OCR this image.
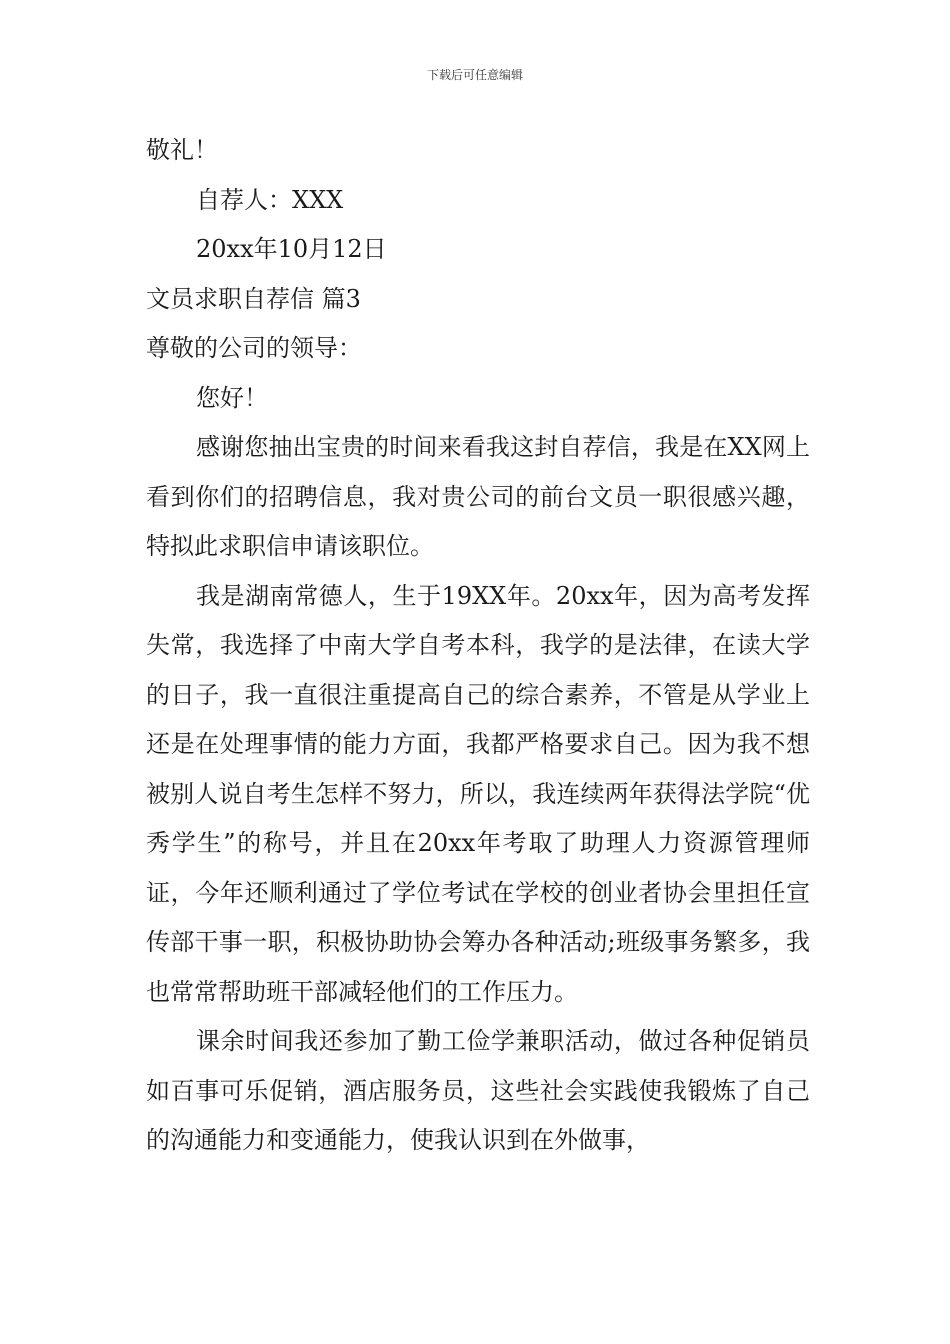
下载后可任意编辑
敬礼！
自荐人：XXX
20xx年10月12日
文员求职自荐信 篇3
尊敬的公司的领导：
您好！

感谢您抽出宝贵的时间来看我这封自荐信，我是在XX网上看到你们的招聘信息，我对贵公司的前台文员一职很感兴趣，特拟此求职信申请该职位。

我是湖南常德人，生于19XX年。20xx年，因为高考发挥失常，我选择了中南大学自考本科，我学的是法律，在读大学的日子，我一直很注重提高自己的综合素养，不管是从学业上还是在处理事情的能力方面，我都严格要求自己。因为我不想被别人说自考生怎样不努力，所以，我连续两年获得法学院“优秀学生”的称号，并且在20xx年考取了助理人力资源管理师证，今年还顺利通过了学位考试在学校的创业者协会里担任宣传部干事一职，积极协助协会筹办各种活动;班级事务繁多，我也常常帮助班干部减轻他们的工作压力。

课余时间我还参加了勤工俭学兼职活动，做过各种促销员如百事可乐促销，酒店服务员，这些社会实践使我锻炼了自己的沟通能力和变通能力，使我认识到在外做事，
